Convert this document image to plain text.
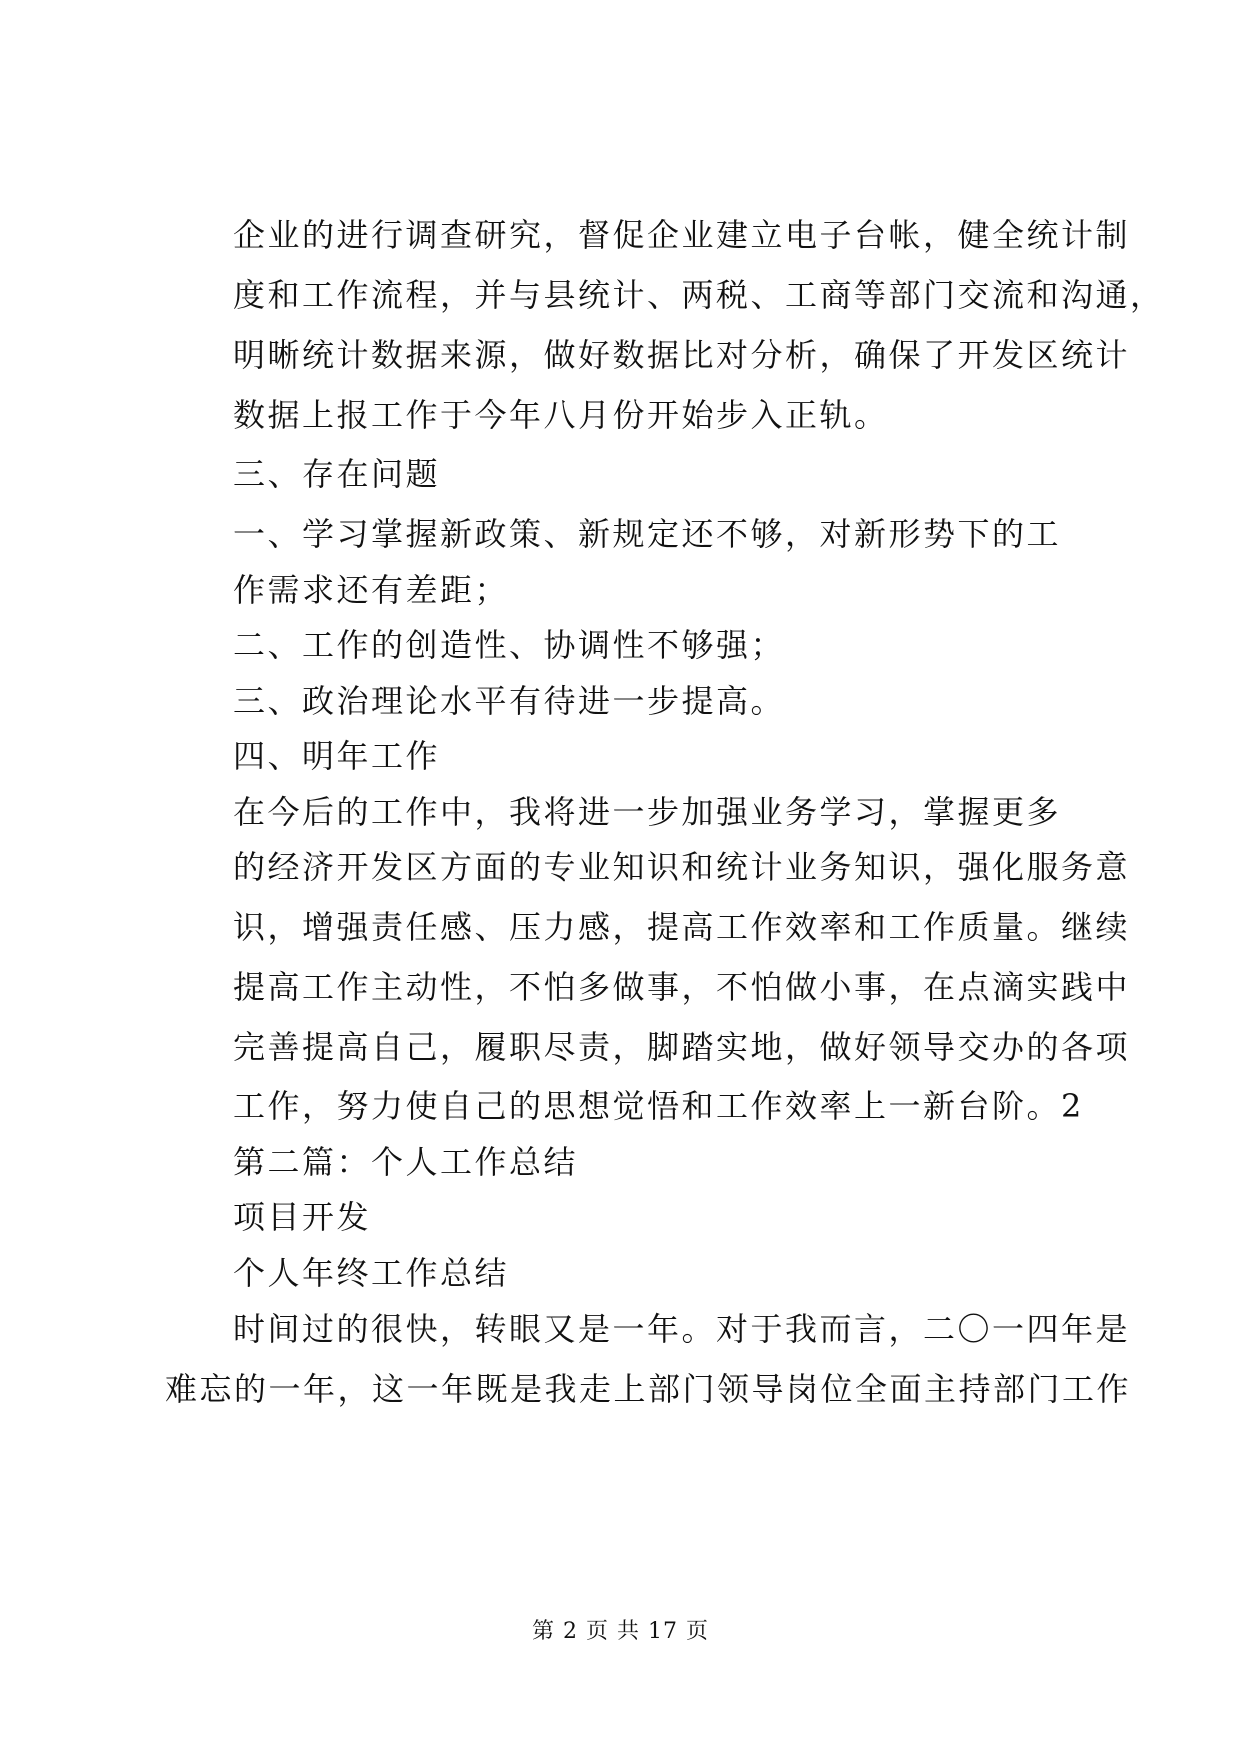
企业的进行调查研究，督促企业建立电子台帐，健全统计制
度和工作流程，并与县统计、两税、工商等部门交流和沟通，
明晰统计数据来源，做好数据比对分析，确保了开发区统计
数据上报工作于今年八月份开始步入正轨。
三、存在问题
一、学习掌握新政策、新规定还不够，对新形势下的工
作需求还有差距；
二、工作的创造性、协调性不够强；
三、政治理论水平有待进一步提高。
四、明年工作
在今后的工作中，我将进一步加强业务学习，掌握更多
的经济开发区方面的专业知识和统计业务知识，强化服务意
识，增强责任感、压力感，提高工作效率和工作质量。继续
提高工作主动性，不怕多做事，不怕做小事，在点滴实践中
完善提高自己，履职尽责，脚踏实地，做好领导交办的各项
工作，努力使自己的思想觉悟和工作效率上一新台阶。2
第二篇：个人工作总结
项目开发
个人年终工作总结
时间过的很快，转眼又是一年。对于我而言，二〇一四年是
难忘的一年，这一年既是我走上部门领导岗位全面主持部门工作
第 2 页 共 17 页
